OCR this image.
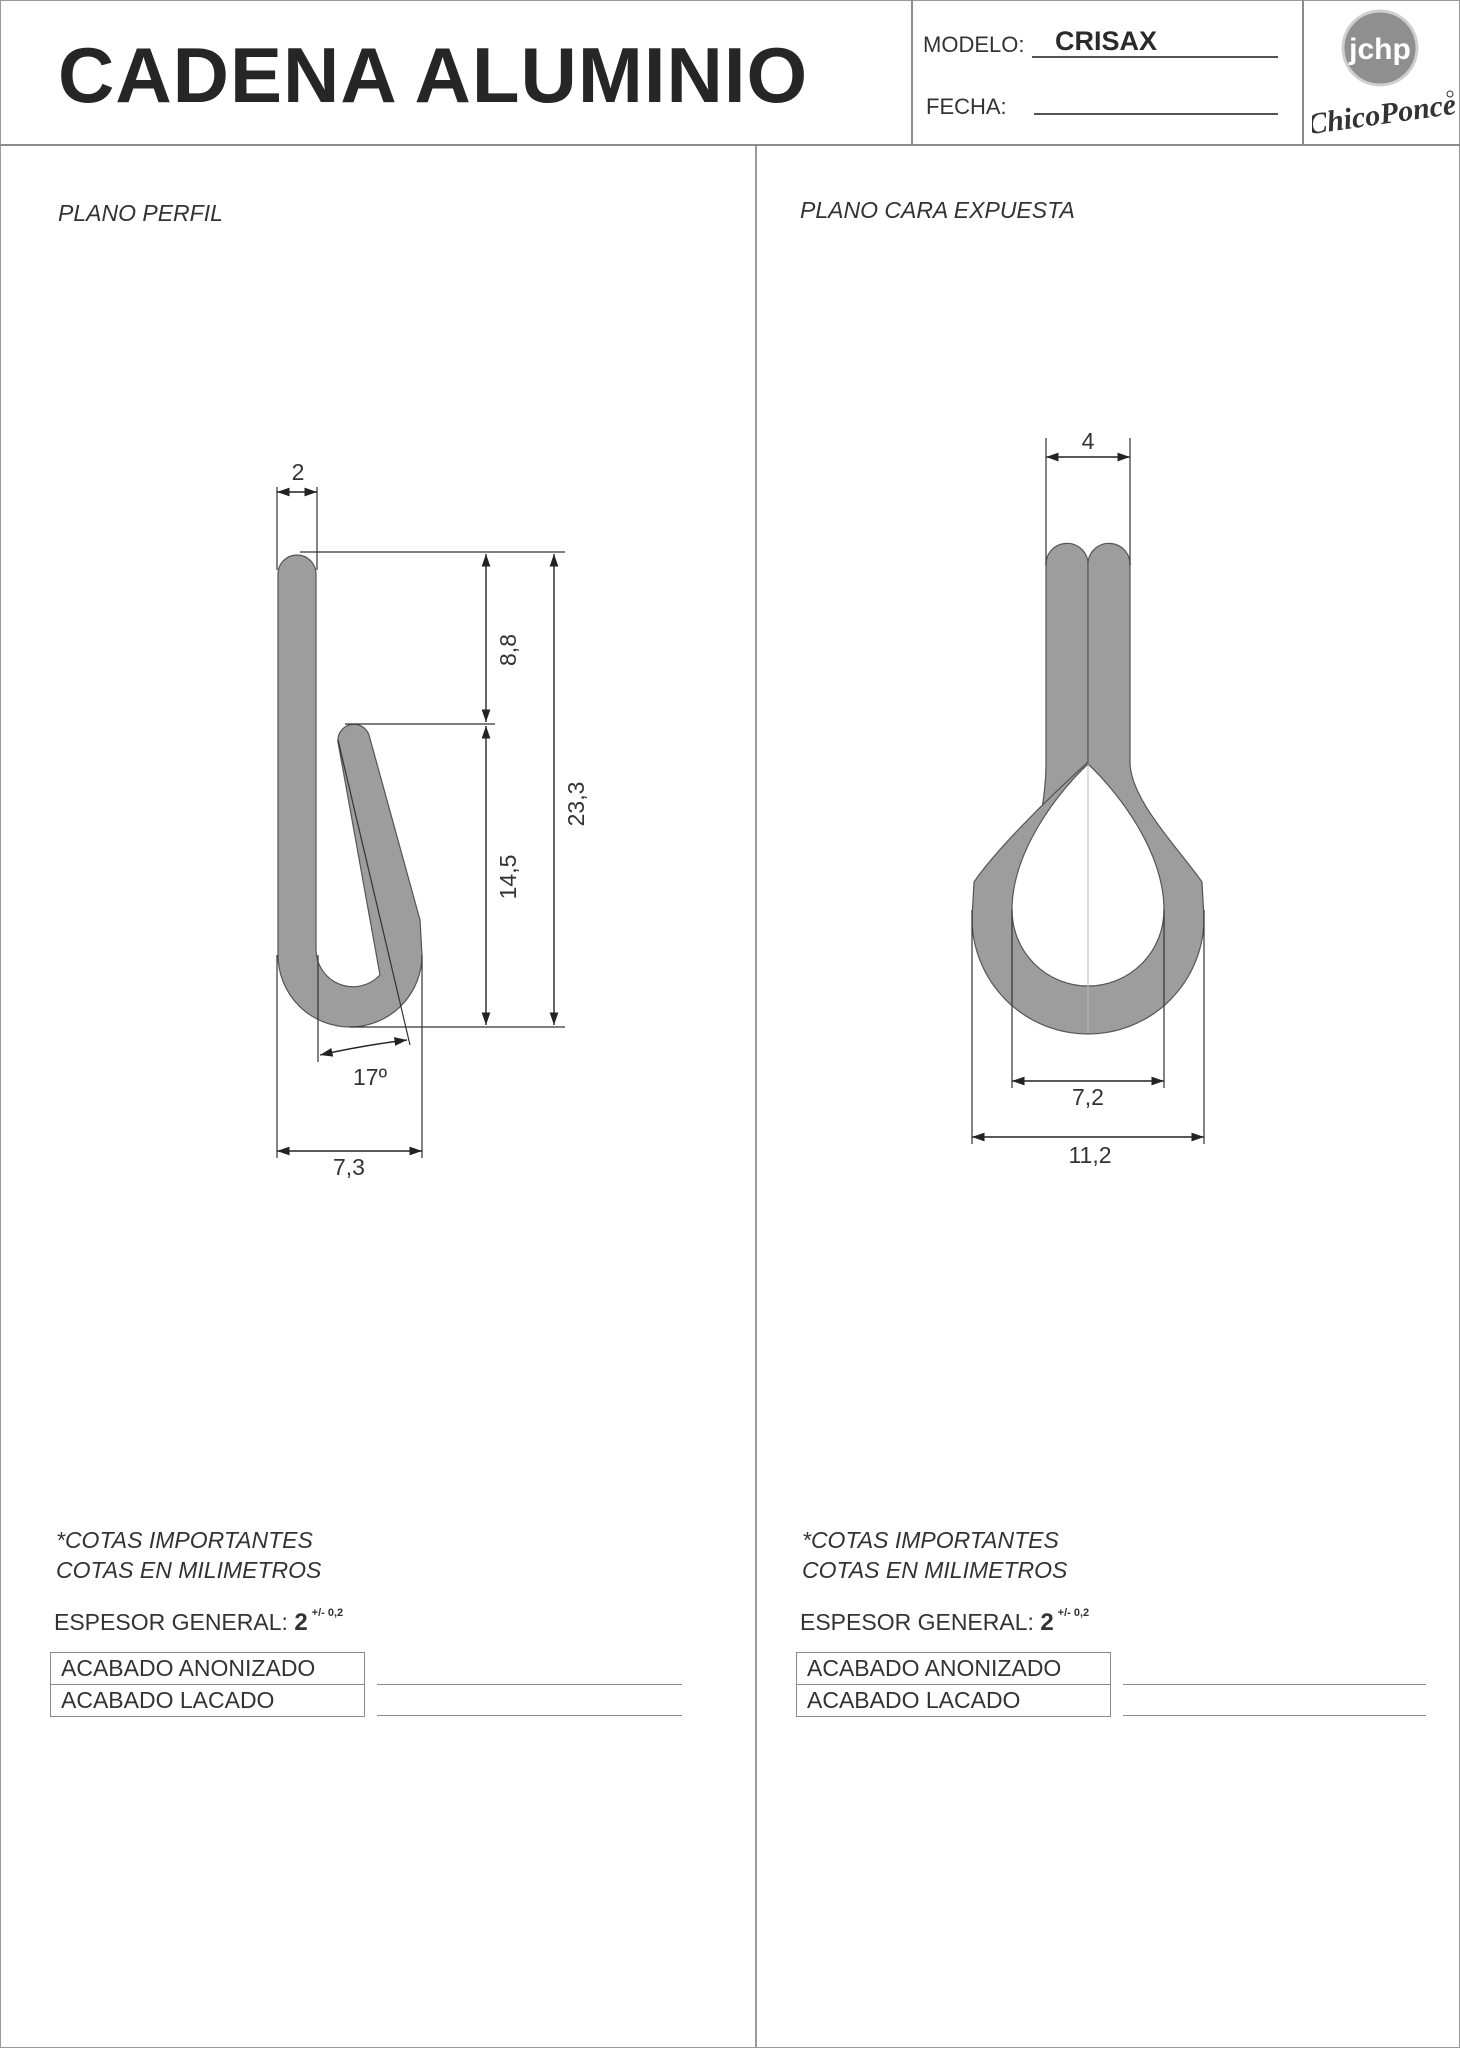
CADENA ALUMINIO	MODELO: CRISAX
FECHA:
jchp
ChicoPonce
PLANO PERFIL	PLANO CARA EXPUESTA
2
8,8
14,5
23,3
17º
7,3
4
7,2
11,2
*COTAS IMPORTANTES
COTAS EN MILIMETROS
ESPESOR GENERAL: 2 $^{+/- 0,2}$
ACABADO ANONIZADO
ACABADO LACADO
*COTAS IMPORTANTES
COTAS EN MILIMETROS
ESPESOR GENERAL: 2 $^{+/- 0,2}$
ACABADO ANONIZADO
ACABADO LACADO
